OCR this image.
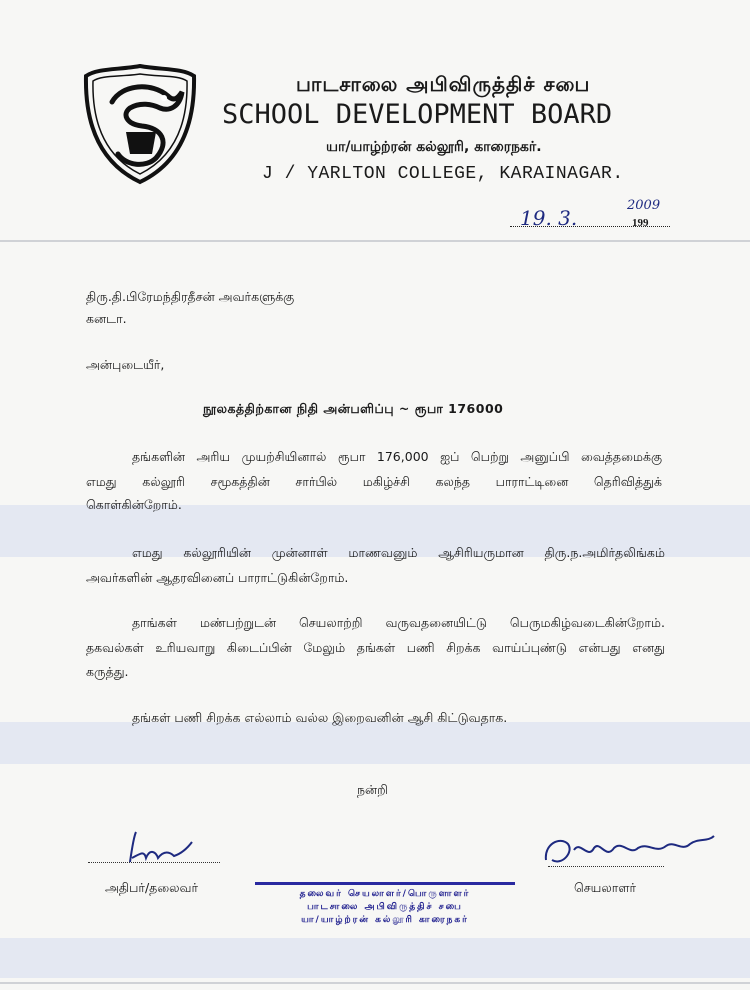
பாடசாலை அபிவிருத்திச் சபை
SCHOOL DEVELOPMENT BOARD
யா/யாழ்ற்ரன் கல்லூரி, காரைநகர்.
J / YARLTON COLLEGE, KARAINAGAR.
19. 3.
2009
199
திரு.தி.பிரேமந்திரதீசன் அவர்களுக்கு
கனடா.
அன்புடையீர்,
நூலகத்திற்கான நிதி அன்பளிப்பு ~ ரூபா 176000
தங்களின் அரிய முயற்சியினால் ரூபா 176,000 ஐப் பெற்று அனுப்பி வைத்தமைக்கு
எமது கல்லூரி சமூகத்தின் சார்பில் மகிழ்ச்சி கலந்த பாராட்டினை தெரிவித்துக்
கொள்கின்றோம்.
எமது கல்லூரியின் முன்னாள் மாணவனும் ஆசிரியருமான திரு.ந.அமிர்தலிங்கம்
அவர்களின் ஆதரவினைப் பாராட்டுகின்றோம்.
தாங்கள் மண்பற்றுடன் செயலாற்றி வருவதனையிட்டு பெருமகிழ்வடைகின்றோம்.
தகவல்கள் உரியவாறு கிடைப்பின் மேலும் தங்கள் பணி சிறக்க வாய்ப்புண்டு என்பது எனது
கருத்து.
தங்கள் பணி சிறக்க எல்லாம் வல்ல இறைவனின் ஆசி கிட்டுவதாக.
நன்றி
அதிபர்/தலைவர்	செயலாளர்
தலைவர் செயலாளர்/பொருளாளர்
பாடசாலை அபிவிருத்திச் சபை
யா/யாழ்ற்ரன் கல்லூரி காரைநகர்
